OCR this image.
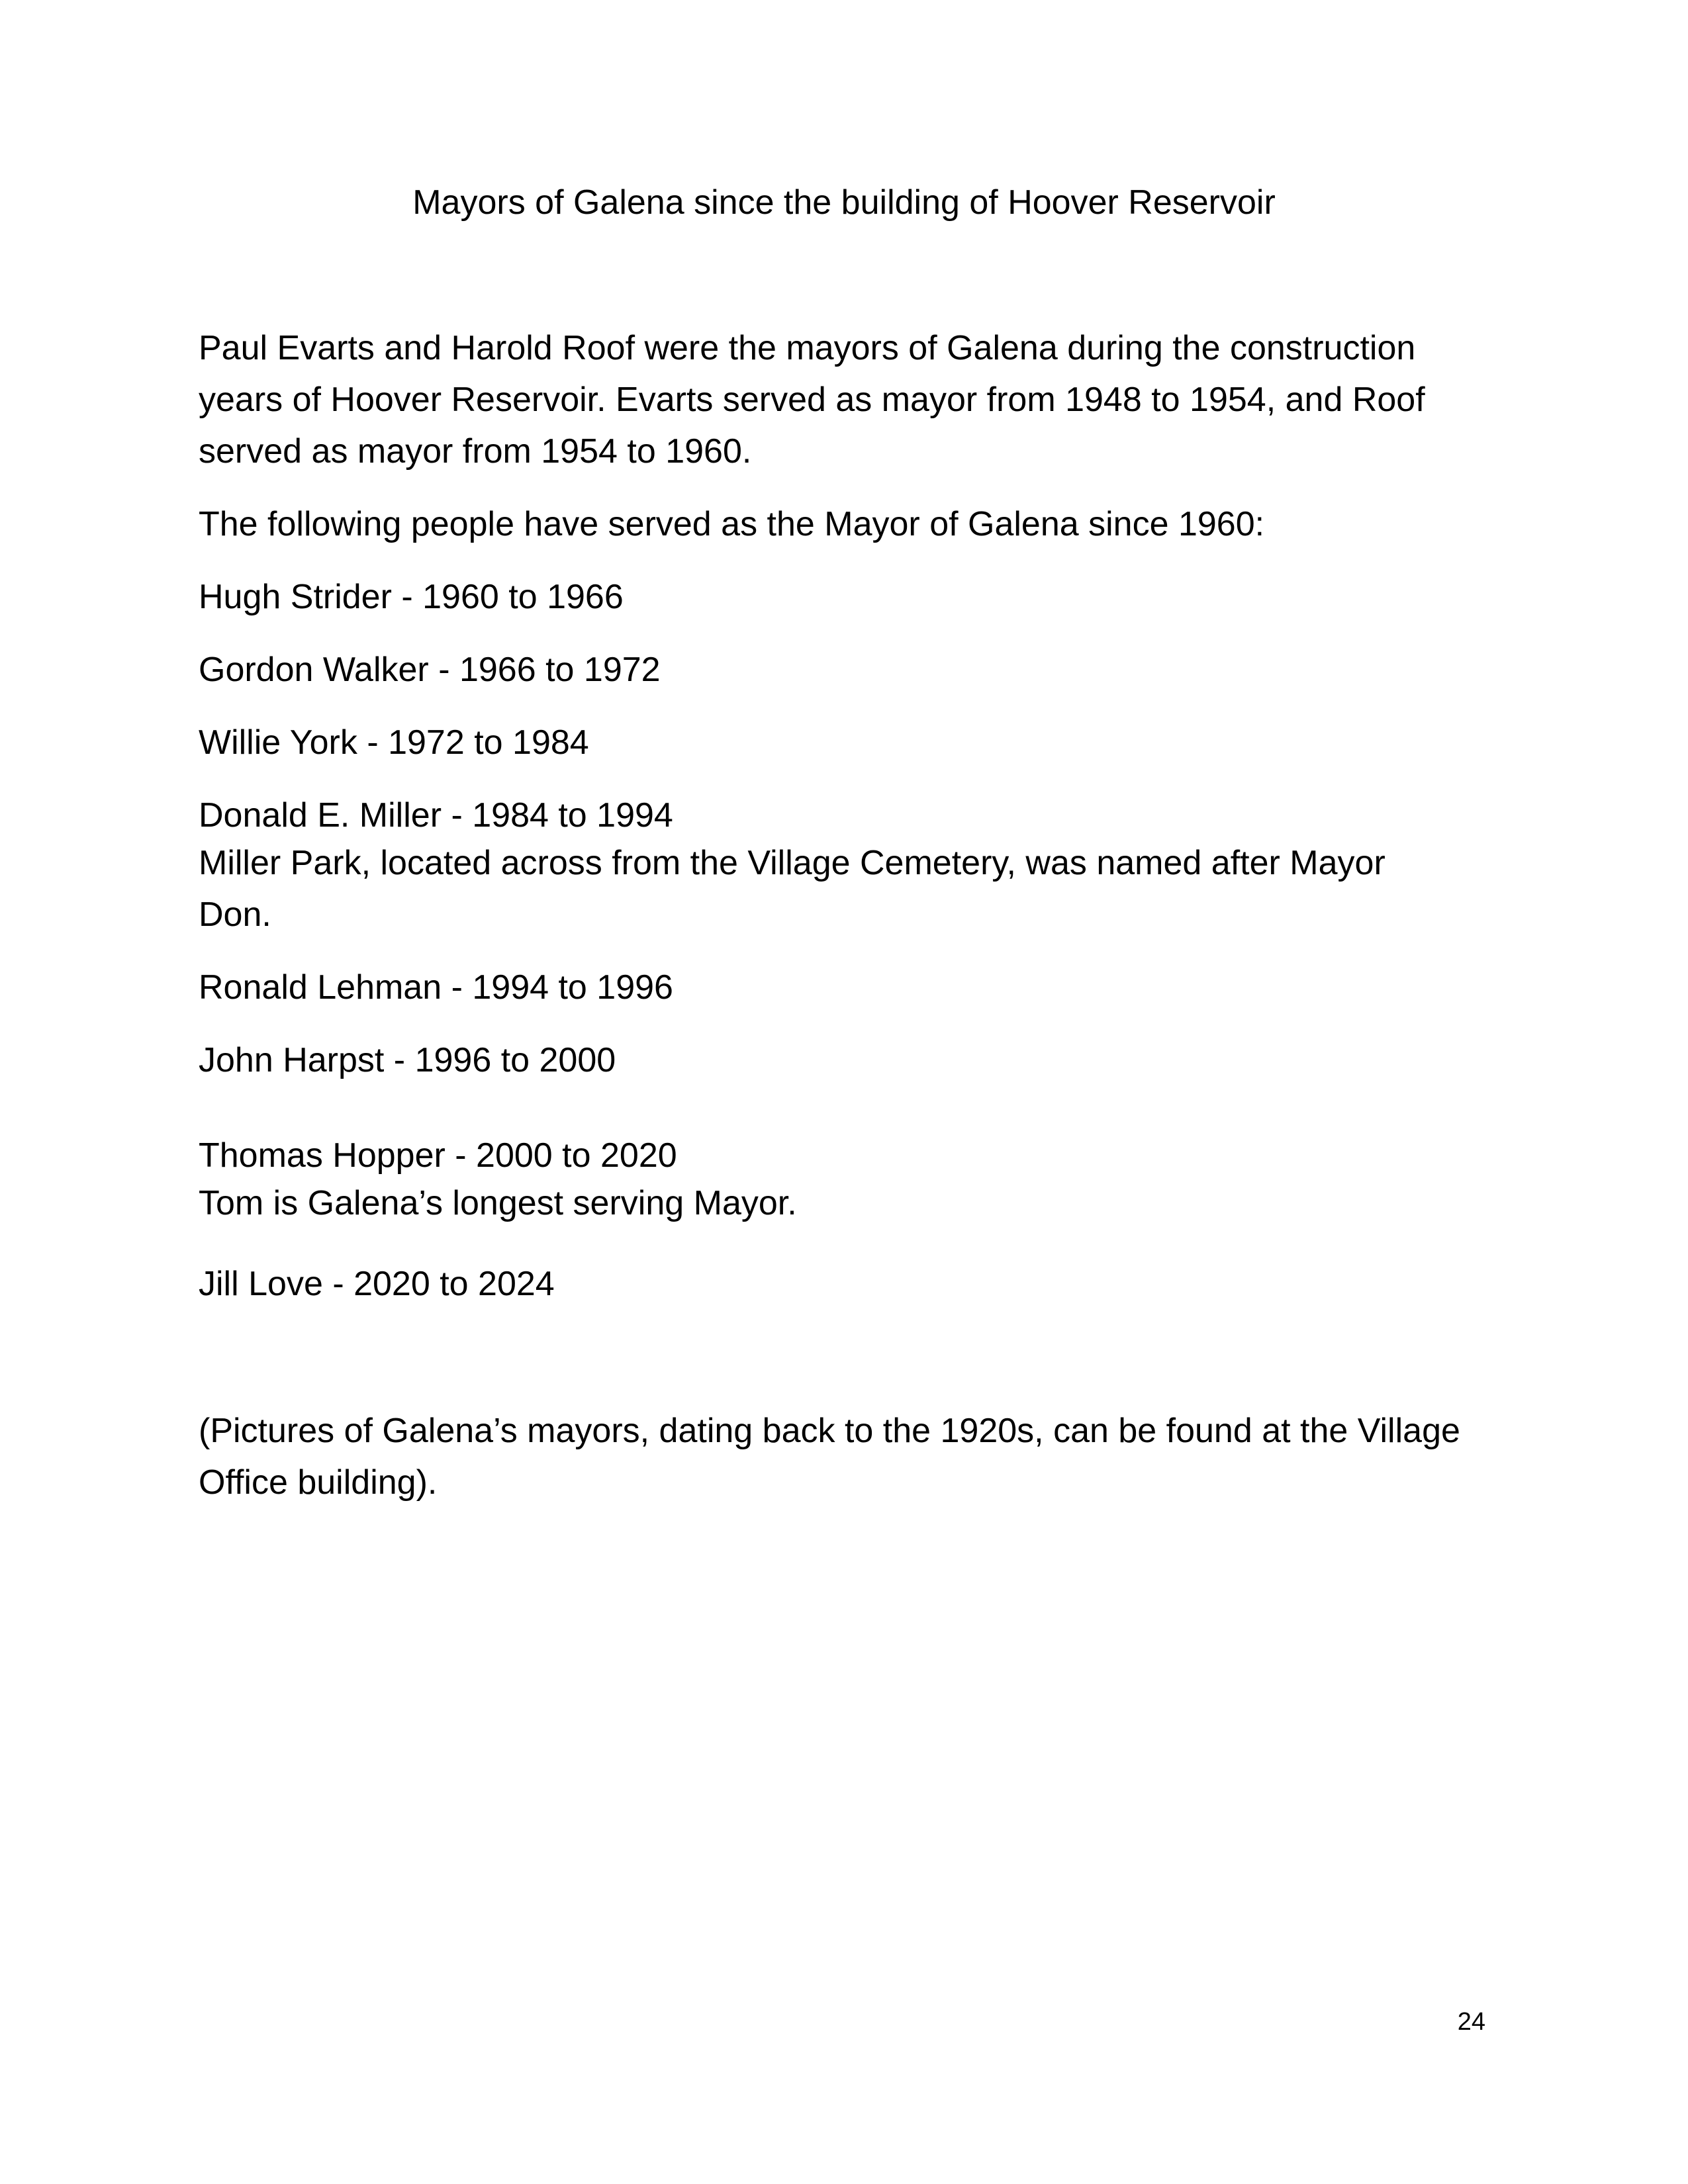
Mayors of Galena since the building of Hoover Reservoir
Paul Evarts and Harold Roof were the mayors of Galena during the construction
years of Hoover Reservoir. Evarts served as mayor from 1948 to 1954, and Roof
served as mayor from 1954 to 1960.
The following people have served as the Mayor of Galena since 1960:
Hugh Strider - 1960 to 1966
Gordon Walker - 1966 to 1972
Willie York - 1972 to 1984
Donald E. Miller - 1984 to 1994
Miller Park, located across from the Village Cemetery, was named after Mayor
Don.
Ronald Lehman - 1994 to 1996
John Harpst - 1996 to 2000
Thomas Hopper - 2000 to 2020
Tom is Galena’s longest serving Mayor.
Jill Love - 2020 to 2024
(Pictures of Galena’s mayors, dating back to the 1920s, can be found at the Village
Office building).
24
